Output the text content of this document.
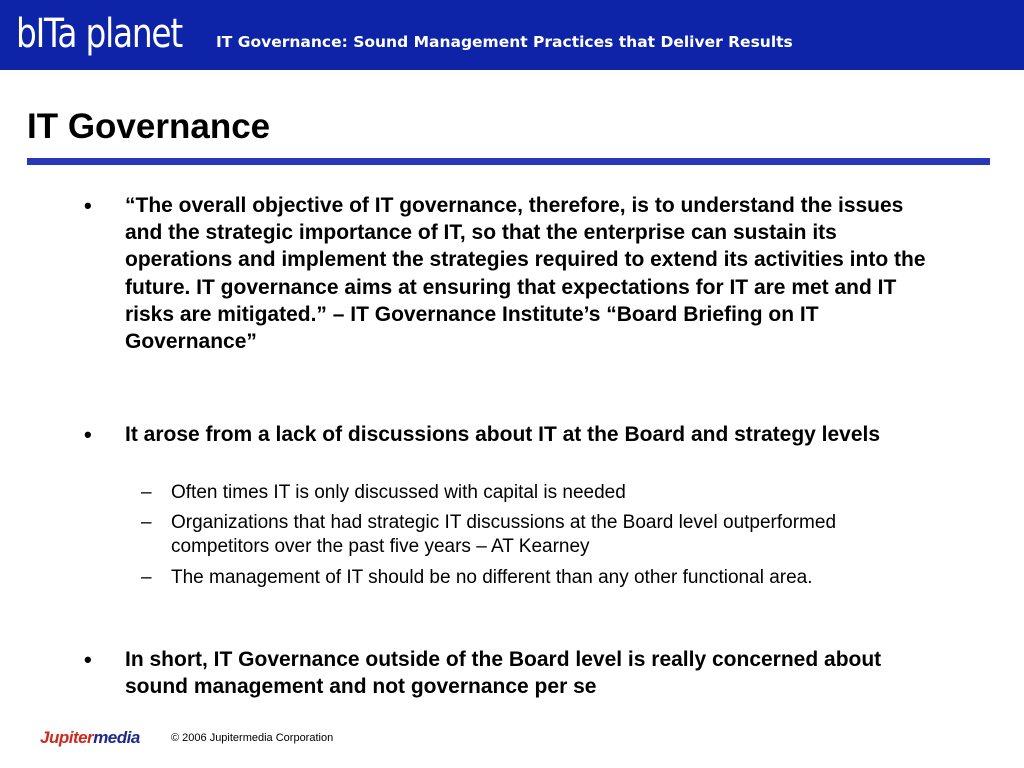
bITa planet IT Governance: Sound Management Practices that Deliver Results
IT Governance
• “The overall objective of IT governance, therefore, is to understand the issues and the strategic importance of IT, so that the enterprise can sustain its operations and implement the strategies required to extend its activities into the future. IT governance aims at ensuring that expectations for IT are met and IT risks are mitigated.” – IT Governance Institute’s “Board Briefing on IT Governance”

• It arose from a lack of discussions about IT at the Board and strategy levels

– Often times IT is only discussed with capital is needed

– Organizations that had strategic IT discussions at the Board level outperformed competitors over the past five years – AT Kearney

– The management of IT should be no different than any other functional area.

• In short, IT Governance outside of the Board level is really concerned about sound management and not governance per se

Jupitermedia	© 2006 Jupitermedia Corporation
